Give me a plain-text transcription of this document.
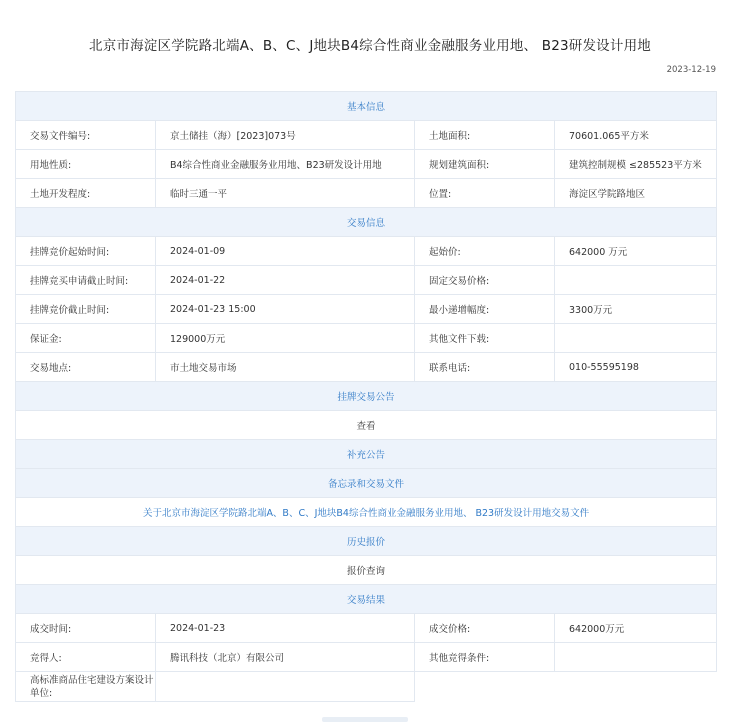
北京市海淀区学院路北端A、B、C、J地块B4综合性商业金融服务业用地、 B23研发设计用地
2023-12-19
基本信息			
交易文件编号:	京土储挂（海）[2023]073号	土地面积:	70601.065平方米
用地性质:	B4综合性商业金融服务业用地、B23研发设计用地	规划建筑面积:	建筑控制规模 ≤285523平方米
土地开发程度:	临时三通一平	位置:	海淀区学院路地区
交易信息			
挂牌竞价起始时间:	2024-01-09	起始价:	642000 万元
挂牌竞买申请截止时间:	2024-01-22	固定交易价格:	
挂牌竞价截止时间:	2024-01-23 15:00	最小递增幅度:	3300万元
保证金:	129000万元	其他文件下载:	
交易地点:	市土地交易市场	联系电话:	010-55595198
挂牌交易公告			
查看			
补充公告			
备忘录和交易文件			
关于北京市海淀区学院路北端A、B、C、J地块B4综合性商业金融服务业用地、 B23研发设计用地交易文件			
历史报价			
报价查询			
交易结果			
成交时间:	2024-01-23	成交价格:	642000万元
竞得人:	腾讯科技（北京）有限公司	其他竞得条件:	
高标准商品住宅建设方案设计单位:			
